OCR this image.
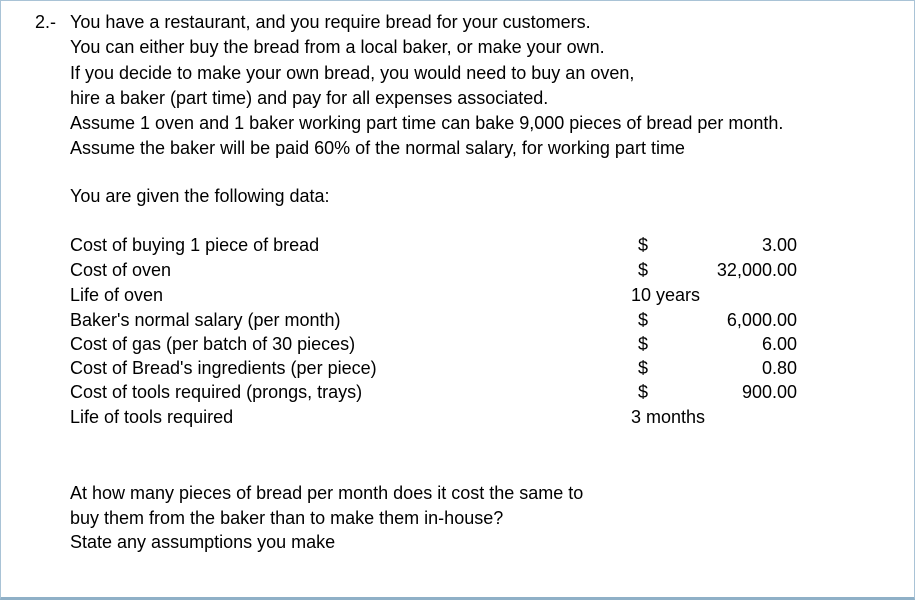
2.- You have a restaurant, and you require bread for your customers.
You can either buy the bread from a local baker, or make your own.
If you decide to make your own bread, you would need to buy an oven,
hire a baker (part time) and pay for all expenses associated.
Assume 1 oven and 1 baker working part time can bake 9,000 pieces of bread per month.
Assume the baker will be paid 60% of the normal salary, for working part time
You are given the following data:
Cost of buying 1 piece of bread	$	3.00
Cost of oven	$	32,000.00
Life of oven	10 years
Baker's normal salary (per month)	$	6,000.00
Cost of gas (per batch of 30 pieces)	$	6.00
Cost of Bread's ingredients (per piece)	$	0.80
Cost of tools required (prongs, trays)	$	900.00
Life of tools required	3 months
At how many pieces of bread per month does it cost the same to
buy them from the baker than to make them in-house?
State any assumptions you make
